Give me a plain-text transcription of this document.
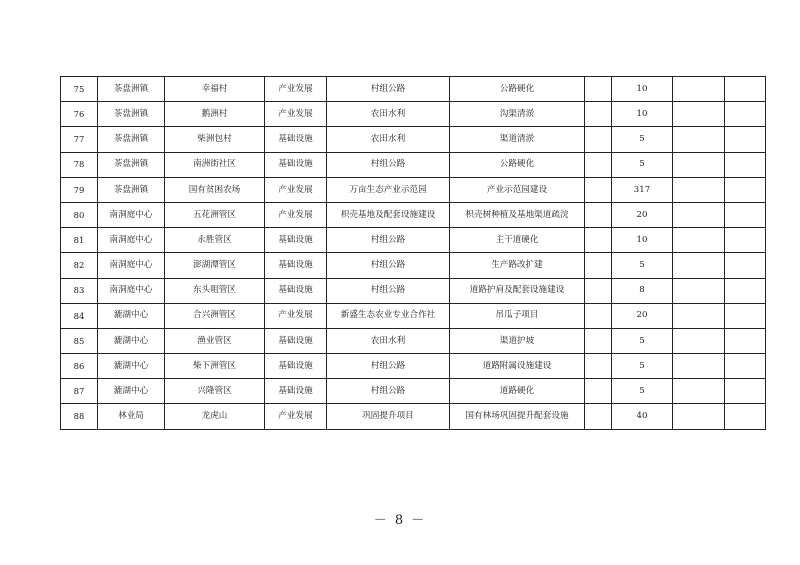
75	茶盘洲镇	幸福村	产业发展	村组公路	公路硬化		10		
76	茶盘洲镇	鹅洲村	产业发展	农田水利	沟渠清淤		10		
77	茶盘洲镇	柴洲包村	基础设施	农田水利	渠道清淤		5		
78	茶盘洲镇	南洲街社区	基础设施	村组公路	公路硬化		5		
79	茶盘洲镇	国有贫困农场	产业发展	万亩生态产业示范园	产业示范园建设		317		
80	南洞庭中心	五花洲管区	产业发展	枳壳基地及配套设施建设	枳壳树种植及基地渠道疏浣		20		
81	南洞庭中心	永胜管区	基础设施	村组公路	主干道硬化		10		
82	南洞庭中心	澎湖潭管区	基础设施	村组公路	生产路改扩建		5		
83	南洞庭中心	东头咀管区	基础设施	村组公路	道路护肩及配套设施建设		8		
84	漉湖中心	合兴洲管区	产业发展	新盛生态农业专业合作社	吊瓜子项目		20		
85	漉湖中心	渔业管区	基础设施	农田水利	渠道护坡		5		
86	漉湖中心	柴下洲管区	基础设施	村组公路	道路附属设施建设		5		
87	漉湖中心	兴隆管区	基础设施	村组公路	道路硬化		5		
88	林业局	龙虎山	产业发展	巩固提升项目	国有林场巩固提升配套设施		40		
－ 8 －
